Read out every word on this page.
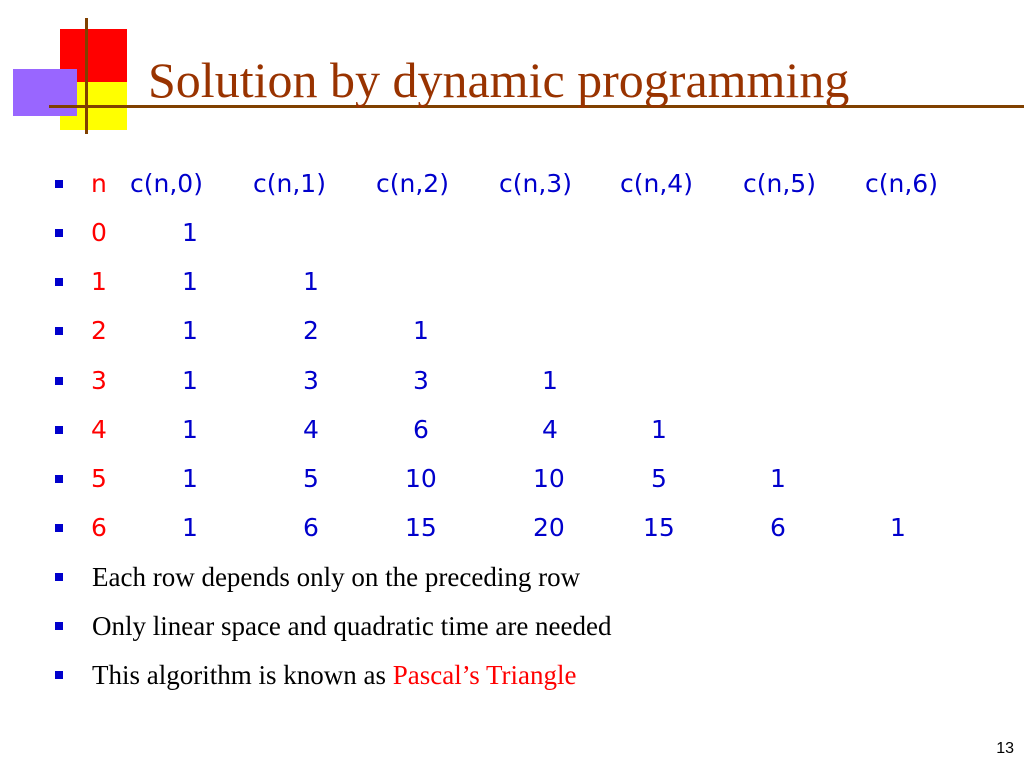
Solution by dynamic programming
n c(n,0) c(n,1) c(n,2) c(n,3) c(n,4) c(n,5) c(n,6)
0	1
1	1	1
2	1	2	1
3	1	3	3	1
4	1	4	6	4	1
5	1	5	10	10	5	1
6	1	6	15	20	15	6	1
Each row depends only on the preceding row
Only linear space and quadratic time are needed
This algorithm is known as Pascal’s Triangle
13
